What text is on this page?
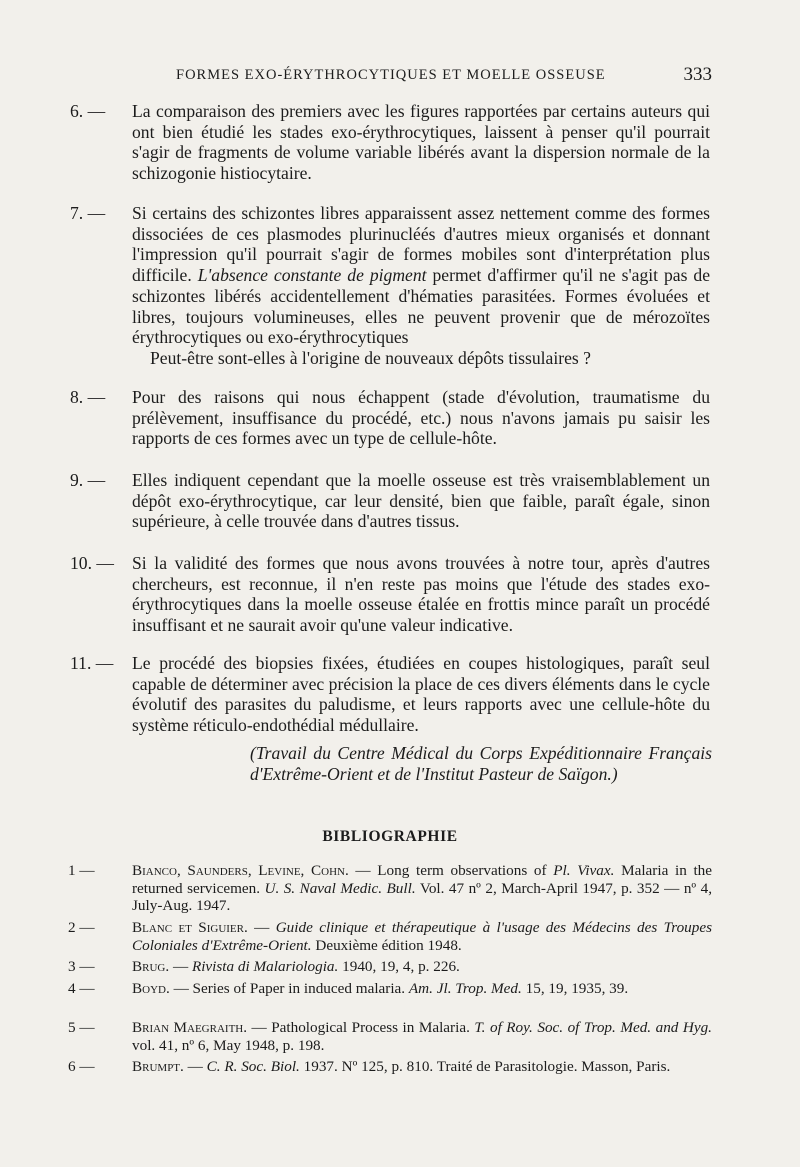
FORMES EXO-ÉRYTHROCYTIQUES ET MOELLE OSSEUSE	333
6. —	La comparaison des premiers avec les figures rapportées par certains auteurs qui ont bien étudié les stades exo-érythrocytiques, laissent à penser qu'il pourrait s'agir de fragments de volume variable libérés avant la dispersion normale de la schizogonie histiocytaire.
7. —	Si certains des schizontes libres apparaissent assez nettement comme des formes dissociées de ces plasmodes plurinucléés d'autres mieux organisés et donnant l'impression qu'il pourrait s'agir de formes mobiles sont d'interprétation plus difficile. L'absence constante de pigment permet d'affirmer qu'il ne s'agit pas de schizontes libérés accidentellement d'hématies parasitées. Formes évoluées et libres, toujours volumineuses, elles ne peuvent provenir que de mérozoïtes érythrocytiques ou exo-érythrocytiques
Peut-être sont-elles à l'origine de nouveaux dépôts tissulaires ?
8. —	Pour des raisons qui nous échappent (stade d'évolution, traumatisme du prélèvement, insuffisance du procédé, etc.) nous n'avons jamais pu saisir les rapports de ces formes avec un type de cellule-hôte.
9. —	Elles indiquent cependant que la moelle osseuse est très vraisemblablement un dépôt exo-érythrocytique, car leur densité, bien que faible, paraît égale, sinon supérieure, à celle trouvée dans d'autres tissus.
10. —	Si la validité des formes que nous avons trouvées à notre tour, après d'autres chercheurs, est reconnue, il n'en reste pas moins que l'étude des stades exo-érythrocytiques dans la moelle osseuse étalée en frottis mince paraît un procédé insuffisant et ne saurait avoir qu'une valeur indicative.
11. —	Le procédé des biopsies fixées, étudiées en coupes histologiques, paraît seul capable de déterminer avec précision la place de ces divers éléments dans le cycle évolutif des parasites du paludisme, et leurs rapports avec une cellule-hôte du système réticulo-endothédial médullaire.
(Travail du Centre Médical du Corps Expéditionnaire Français d'Extrême-Orient et de l'Institut Pasteur de Saïgon.)
BIBLIOGRAPHIE
1 —	Bianco, Saunders, Levine, Cohn. — Long term observations of Pl. Vivax. Malaria in the returned servicemen. U. S. Naval Medic. Bull. Vol. 47 nº 2, March-April 1947, p. 352 — nº 4, July-Aug. 1947.
2 —	Blanc et Siguier. — Guide clinique et thérapeutique à l'usage des Médecins des Troupes Coloniales d'Extrême-Orient. Deuxième édition 1948.
3 —	Brug. — Rivista di Malariologia. 1940, 19, 4, p. 226.
4 —	Boyd. — Series of Paper in induced malaria. Am. Jl. Trop. Med. 15, 19, 1935, 39.
5 —	Brian Maegraith. — Pathological Process in Malaria. T. of Roy. Soc. of Trop. Med. and Hyg. vol. 41, nº 6, May 1948, p. 198.
6 —	Brumpt. — C. R. Soc. Biol. 1937. Nº 125, p. 810. Traité de Parasitologie. Masson, Paris.
